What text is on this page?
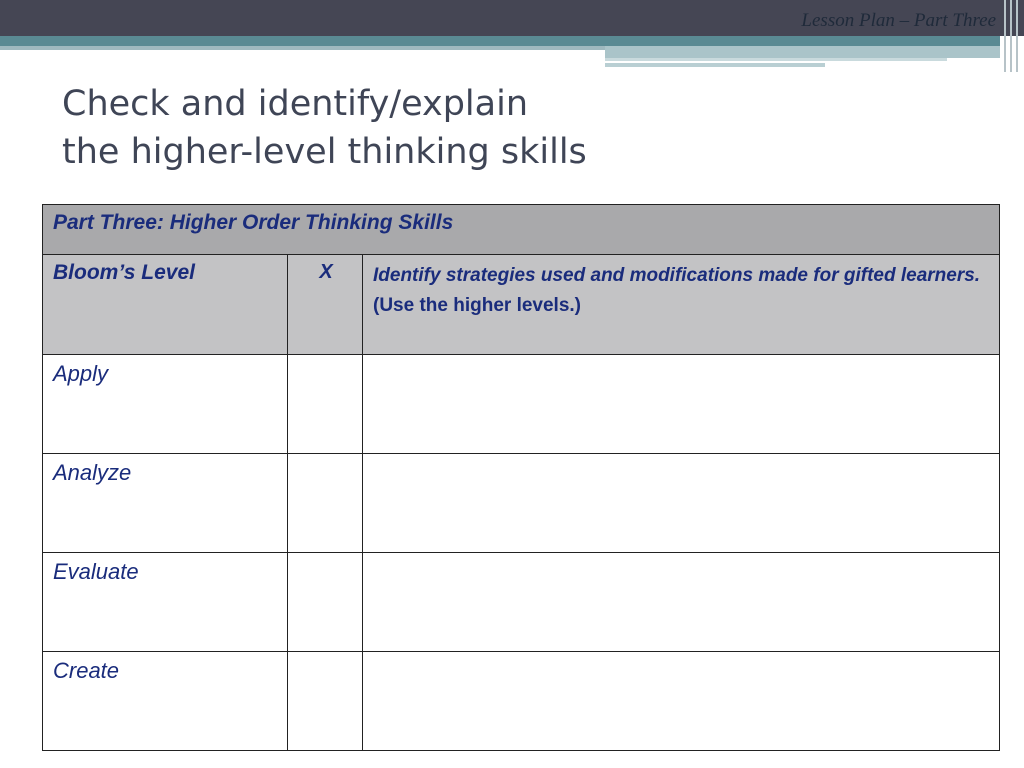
Lesson Plan – Part Three
Check and identify/explain
the higher-level thinking skills
Part Three: Higher Order Thinking Skills		
Bloom’s Level	X	Identify strategies used and modifications made for gifted learners. (Use the higher levels.)
Apply		
Analyze		
Evaluate		
Create		
